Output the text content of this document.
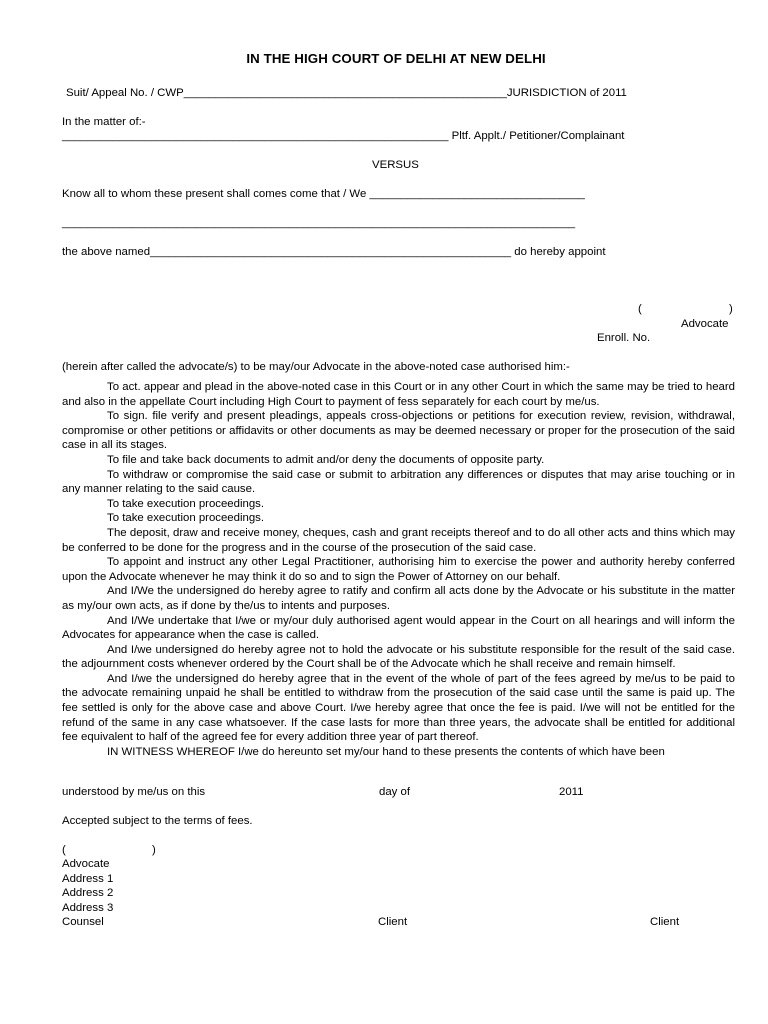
IN THE HIGH COURT OF DELHI AT NEW DELHI
Suit/ Appeal No. / CWP___________________________________________________JURISDICTION of 2011
In the matter of:-
_____________________________________________________________ Pltf. Applt./ Petitioner/Complainant
VERSUS
Know all to whom these present shall comes come that / We __________________________________
_________________________________________________________________________________
the above named_________________________________________________________ do hereby appoint
(	)
Advocate
Enroll. No.
(herein after called the advocate/s) to be may/our Advocate in the above-noted case authorised him:-

To act. appear and plead in the above-noted case in this Court or in any other Court in which the same may be tried to heard and also in the appellate Court including High Court to payment of fess separately for each court by me/us.

To sign. file verify and present pleadings, appeals cross-objections or petitions for execution review, revision, withdrawal, compromise or other petitions or affidavits or other documents as may be deemed necessary or proper for the prosecution of the said case in all its stages.

To file and take back documents to admit and/or deny the documents of opposite party.

To withdraw or compromise the said case or submit to arbitration any differences or disputes that may arise touching or in any manner relating to the said cause.

To take execution proceedings.

To take execution proceedings.

The deposit, draw and receive money, cheques, cash and grant receipts thereof and to do all other acts and thins which may be conferred to be done for the progress and in the course of the prosecution of the said case.

To appoint and instruct any other Legal Practitioner, authorising him to exercise the power and authority hereby conferred upon the Advocate whenever he may think it do so and to sign the Power of Attorney on our behalf.

And I/We the undersigned do hereby agree to ratify and confirm all acts done by the Advocate or his substitute in the matter as my/our own acts, as if done by the/us to intents and purposes.

And I/We undertake that I/we or my/our duly authorised agent would appear in the Court on all hearings and will inform the Advocates for appearance when the case is called.

And I/we undersigned do hereby agree not to hold the advocate or his substitute responsible for the result of the said case. the adjournment costs whenever ordered by the Court shall be of the Advocate which he shall receive and remain himself.

And I/we the undersigned do hereby agree that in the event of the whole of part of the fees agreed by me/us to be paid to the advocate remaining unpaid he shall be entitled to withdraw from the prosecution of the said case until the same is paid up. The fee settled is only for the above case and above Court. I/we hereby agree that once the fee is paid. I/we will not be entitled for the refund of the same in any case whatsoever. If the case lasts for more than three years, the advocate shall be entitled for additional fee equivalent to half of the agreed fee for every addition three year of part thereof.

IN WITNESS WHEREOF I/we do hereunto set my/our hand to these presents the contents of which have been

understood by me/us on this	day of	2011
Accepted subject to the terms of fees.
(	)
Advocate
Address 1
Address 2
Address 3
Counsel	Client	Client
